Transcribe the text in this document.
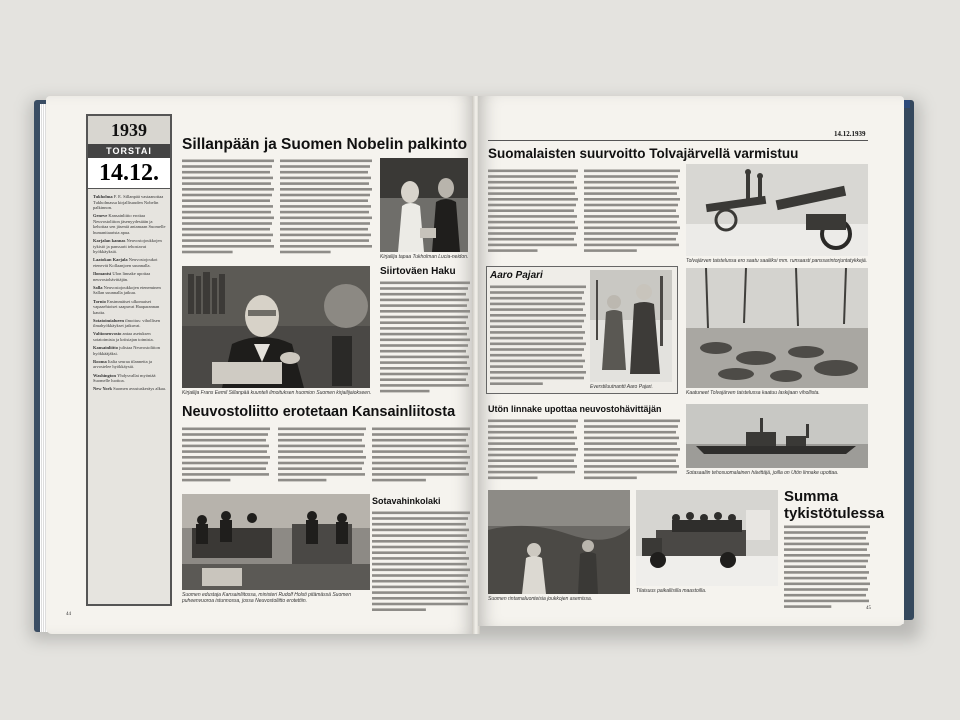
1939
TORSTAI
14.12.

Tukholma F. E. Sillanpää vastaanottaa Tukholmassa kirjallisuuden Nobelin palkinnon.

Geneve Kansainliitto erottaa Neuvostoliiton jäsenyydestään ja kehottaa sen jäseniä antamaan Suomelle humanitaarista apua.

Karjalan kannas Neuvostojoukkojen tykistö ja panssarit tehostavat hyökkäyksiä.

Laatokan Karjala Neuvostojoukot etenevät Kollaanjoen suunnalla.

Ilomantsi Ulon linnake upottaa neuvostohävittäjän.

Salla Neuvostojoukkojen eteneminen Sallan suunnalla jatkuu.

Tornio Ensimmäiset ulkomaiset vapaaehtoiset saapuvat Haaparannan kautta.

Sotatoimialueen ilmoitus: vihollisen ilmahyökkäykset jatkuvat.

Valtioneuvosto antaa asetuksen sotatoimista ja kriisiajan toimista.

Kansainliitto julistaa Neuvostoliiton hyökkääjäksi.

Rooma Italia seuraa tilannetta ja arvostelee hyökkäystä.

Washington Yhdysvallat myöntää Suomelle luottoa.

New York Suomen avustuskeräys alkaa.

Sillanpään ja Suomen Nobelin palkinto
Kirjailija tapaa Tukholman Lucia-neidon.
Kirjailija Frans Eemil Sillanpää kuunteli ilmoituksen huomion Suomen kirjailijaiokseen.
Siirtoväen Haku
Neuvostoliitto erotetaan Kansainliitosta
Suomen edustaja Kansainliitossa, ministeri Rudolf Holsti pitämässä Suomen puheenvuoroa istunnossa, jossa Neuvostoliitto erotettiin.
Sotavahinkolaki
44
14.12.1939
Suomalaisten suurvoitto Tolvajärvellä varmistuu
Tolvajärven taistelussa ero saatu saaliiksi mm. runsaasti panssarintorjuntatykkejä.
Aaro Pajari
Everstiluutnantti Aaro Pajari.
Kaatuneet Tolvajärven taistelussa kaatuu laskijaan vihollista.
Utön linnake upottaa neuvostohävittäjän
Sotasaaliin tehosuomalainen hävittäjä, joilla on Utön linnake upottaa.
Summa tykistötulessa
Suomen rintamaluonteisia joukkojen asemissa.
Tilaisuus paikallisilla maastoilla.
45
